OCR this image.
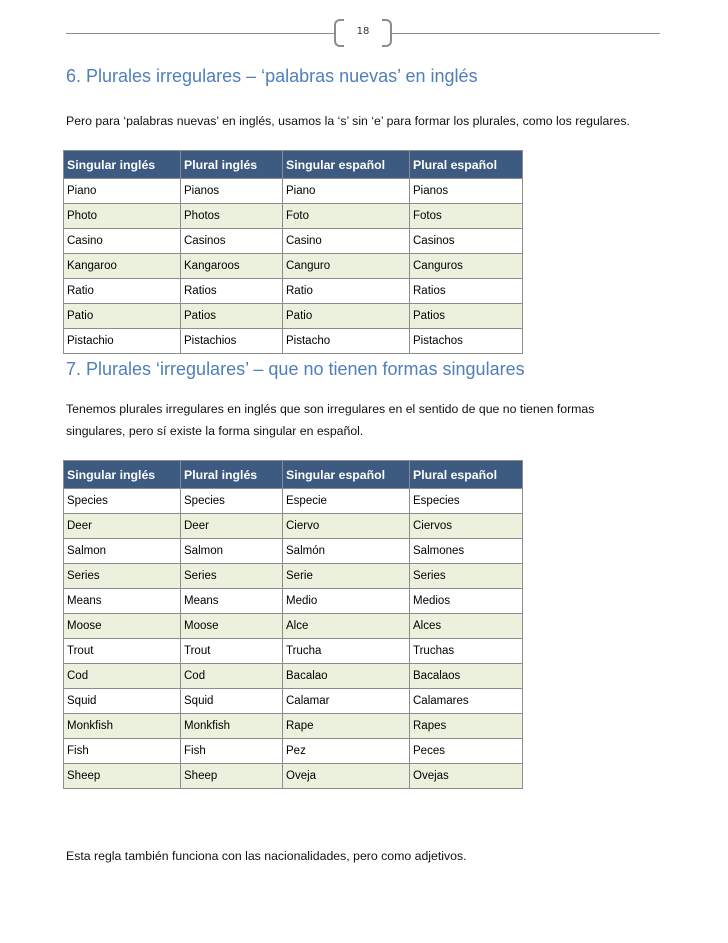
18
6. Plurales irregulares – ‘palabras nuevas’ en inglés

Pero para ‘palabras nuevas’ en inglés, usamos la ‘s’ sin ‘e’ para formar los plurales, como los regulares.

Singular inglés	Plural inglés	Singular español	Plural español
Piano	Pianos	Piano	Pianos
Photo	Photos	Foto	Fotos
Casino	Casinos	Casino	Casinos
Kangaroo	Kangaroos	Canguro	Canguros
Ratio	Ratios	Ratio	Ratios
Patio	Patios	Patio	Patios
Pistachio	Pistachios	Pistacho	Pistachos
7. Plurales ‘irregulares’ – que no tienen formas singulares

Tenemos plurales irregulares en inglés que son irregulares en el sentido de que no tienen formas

singulares, pero sí existe la forma singular en español.

Singular inglés	Plural inglés	Singular español	Plural español
Species	Species	Especie	Especies
Deer	Deer	Ciervo	Ciervos
Salmon	Salmon	Salmón	Salmones
Series	Series	Serie	Series
Means	Means	Medio	Medios
Moose	Moose	Alce	Alces
Trout	Trout	Trucha	Truchas
Cod	Cod	Bacalao	Bacalaos
Squid	Squid	Calamar	Calamares
Monkfish	Monkfish	Rape	Rapes
Fish	Fish	Pez	Peces
Sheep	Sheep	Oveja	Ovejas

Esta regla también funciona con las nacionalidades, pero como adjetivos.
